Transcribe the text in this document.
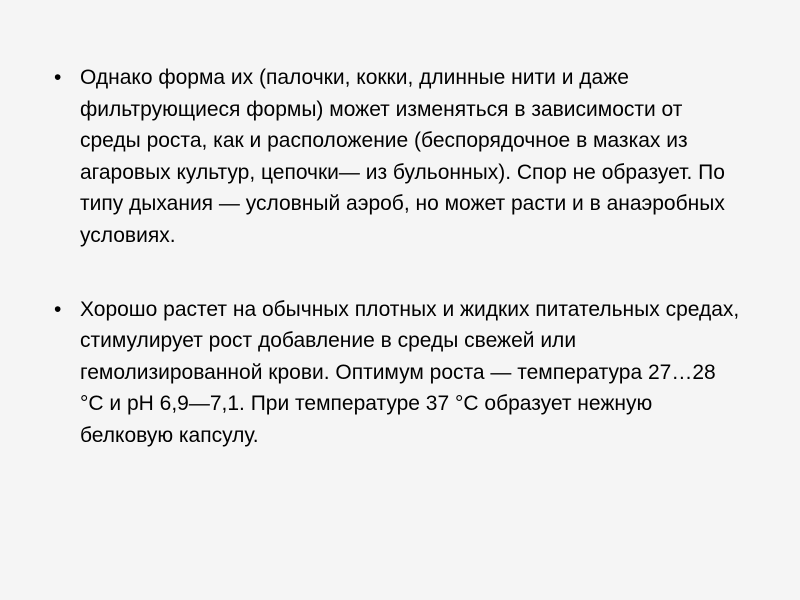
• Однако форма их (палочки, кокки, длинные нити и даже фильтрующиеся формы) может изменяться в зависимости от среды роста, как и расположение (беспорядочное в мазках из агаровых культур, цепочки— из бульонных). Спор не образует. По типу дыхания — условный аэроб, но может расти и в анаэробных условиях.
• Хорошо растет на обычных плотных и жидких питательных средах, стимулирует рост добавление в среды свежей или гемолизированной крови. Оптимум роста — температура 27…28 °С и рН 6,9—7,1. При температуре 37 °С образует нежную белковую капсулу.
